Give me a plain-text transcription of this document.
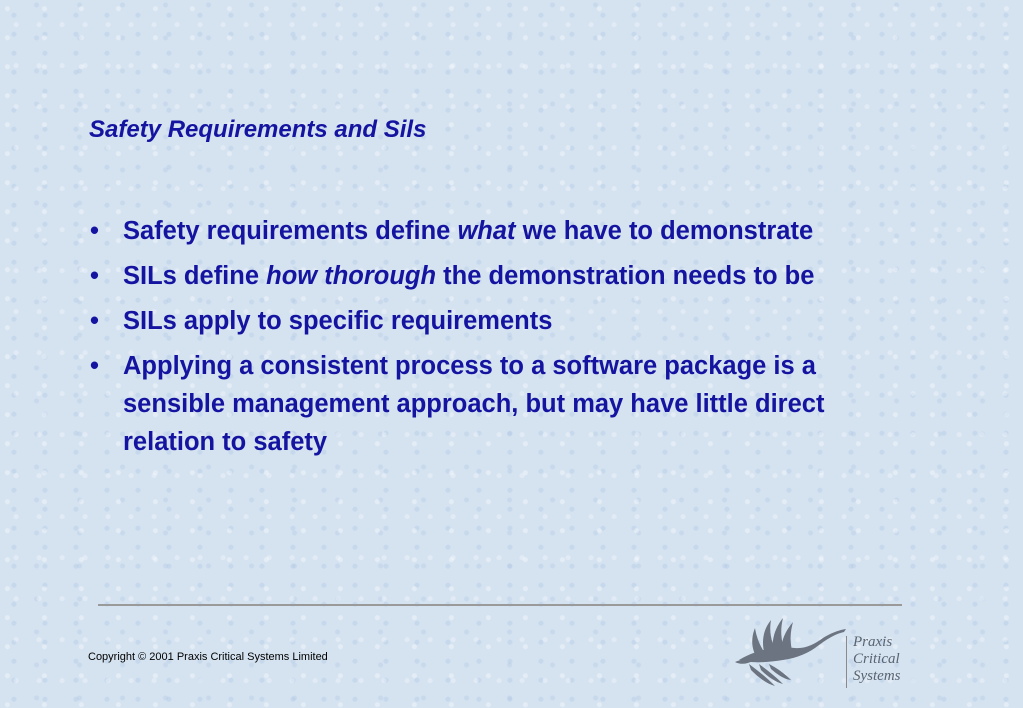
Safety Requirements and Sils
• Safety requirements define what we have to demonstrate
• SILs define how thorough the demonstration needs to be
• SILs apply to specific requirements
• Applying a consistent process to a software package is a sensible management approach, but may have little direct relation to safety
Copyright © 2001 Praxis Critical Systems Limited
Praxis
Critical
Systems
